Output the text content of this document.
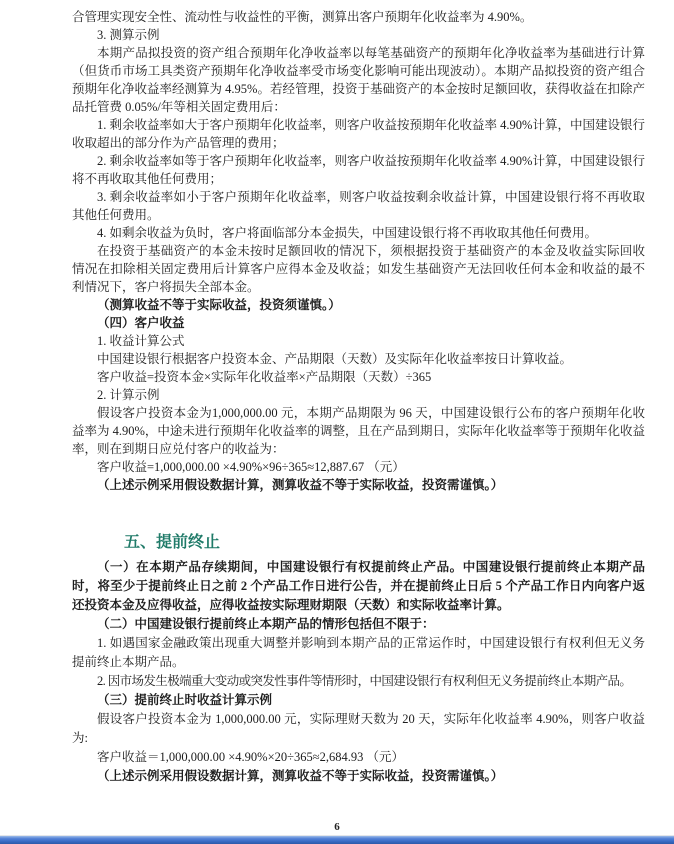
合管理实现安全性、流动性与收益性的平衡，测算出客户预期年化收益率为 4.90%。

3. 测算示例

本期产品拟投资的资产组合预期年化净收益率以每笔基础资产的预期年化净收益率为基础进行计算（但货币市场工具类资产预期年化净收益率受市场变化影响可能出现波动）。本期产品拟投资的资产组合预期年化净收益率经测算为 4.95%。若经管理，投资于基础资产的本金按时足额回收，获得收益在扣除产品托管费 0.05%/年等相关固定费用后：

1. 剩余收益率如大于客户预期年化收益率，则客户收益按预期年化收益率 4.90%计算，中国建设银行收取超出的部分作为产品管理的费用；

2. 剩余收益率如等于客户预期年化收益率，则客户收益按预期年化收益率 4.90%计算，中国建设银行将不再收取其他任何费用；

3. 剩余收益率如小于客户预期年化收益率，则客户收益按剩余收益计算，中国建设银行将不再收取其他任何费用。

4. 如剩余收益为负时，客户将面临部分本金损失，中国建设银行将不再收取其他任何费用。

在投资于基础资产的本金未按时足额回收的情况下，须根据投资于基础资产的本金及收益实际回收情况在扣除相关固定费用后计算客户应得本金及收益；如发生基础资产无法回收任何本金和收益的最不利情况下，客户将损失全部本金。

（测算收益不等于实际收益，投资须谨慎。）

（四）客户收益

1. 收益计算公式

中国建设银行根据客户投资本金、产品期限（天数）及实际年化收益率按日计算收益。

客户收益=投资本金×实际年化收益率×产品期限（天数）÷365

2. 计算示例

假设客户投资本金为1,000,000.00 元，本期产品期限为 96 天，中国建设银行公布的客户预期年化收益率为 4.90%，中途未进行预期年化收益率的调整，且在产品到期日，实际年化收益率等于预期年化收益率，则在到期日应兑付客户的收益为：

客户收益=1,000,000.00 ×4.90%×96÷365≈12,887.67 （元）

（上述示例采用假设数据计算，测算收益不等于实际收益，投资需谨慎。）

五、提前终止

（一）在本期产品存续期间，中国建设银行有权提前终止产品。中国建设银行提前终止本期产品时，将至少于提前终止日之前 2 个产品工作日进行公告，并在提前终止日后 5 个产品工作日内向客户返还投资本金及应得收益，应得收益按实际理财期限（天数）和实际收益率计算。

（二）中国建设银行提前终止本期产品的情形包括但不限于：

1. 如遇国家金融政策出现重大调整并影响到本期产品的正常运作时，中国建设银行有权利但无义务提前终止本期产品。

2. 因市场发生极端重大变动或突发性事件等情形时，中国建设银行有权利但无义务提前终止本期产品。

（三）提前终止时收益计算示例

假设客户投资本金为 1,000,000.00 元，实际理财天数为 20 天，实际年化收益率 4.90%，则客户收益为:

客户收益＝1,000,000.00 ×4.90%×20÷365≈2,684.93 （元）

（上述示例采用假设数据计算，测算收益不等于实际收益，投资需谨慎。）

6
